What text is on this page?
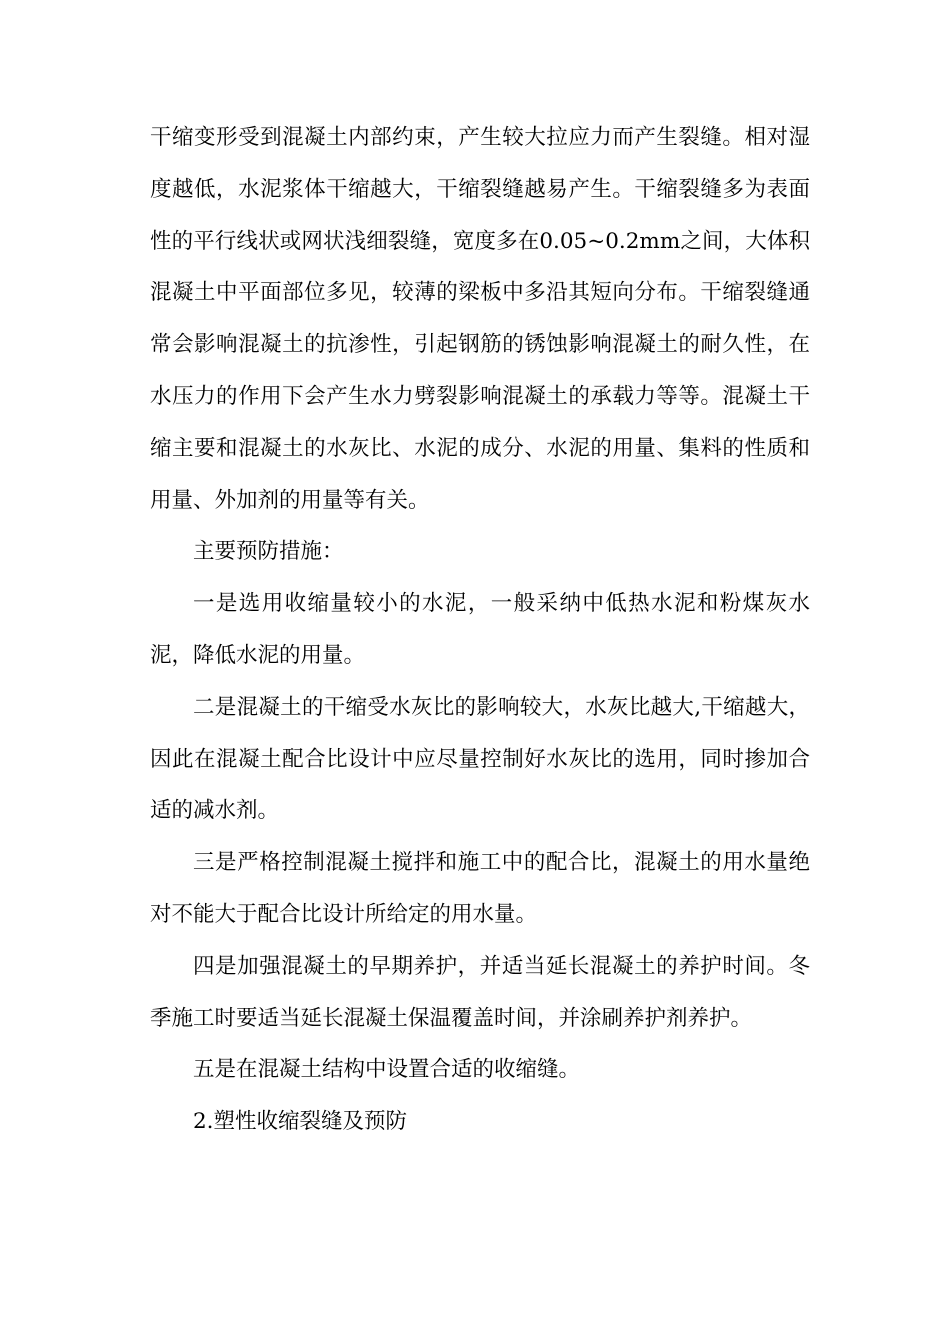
干缩变形受到混凝土内部约束，产生较大拉应力而产生裂缝。相对湿度越低，水泥浆体干缩越大，干缩裂缝越易产生。干缩裂缝多为表面性的平行线状或网状浅细裂缝，宽度多在0.05~0.2mm之间，大体积混凝土中平面部位多见，较薄的梁板中多沿其短向分布。干缩裂缝通常会影响混凝土的抗渗性，引起钢筋的锈蚀影响混凝土的耐久性，在水压力的作用下会产生水力劈裂影响混凝土的承载力等等。混凝土干缩主要和混凝土的水灰比、水泥的成分、水泥的用量、集料的性质和用量、外加剂的用量等有关。

主要预防措施：

一是选用收缩量较小的水泥，一般采纳中低热水泥和粉煤灰水泥，降低水泥的用量。

二是混凝土的干缩受水灰比的影响较大，水灰比越大,干缩越大，因此在混凝土配合比设计中应尽量控制好水灰比的选用，同时掺加合适的减水剂。

三是严格控制混凝土搅拌和施工中的配合比，混凝土的用水量绝对不能大于配合比设计所给定的用水量。

四是加强混凝土的早期养护，并适当延长混凝土的养护时间。冬季施工时要适当延长混凝土保温覆盖时间，并涂刷养护剂养护。

五是在混凝土结构中设置合适的收缩缝。

2.塑性收缩裂缝及预防
